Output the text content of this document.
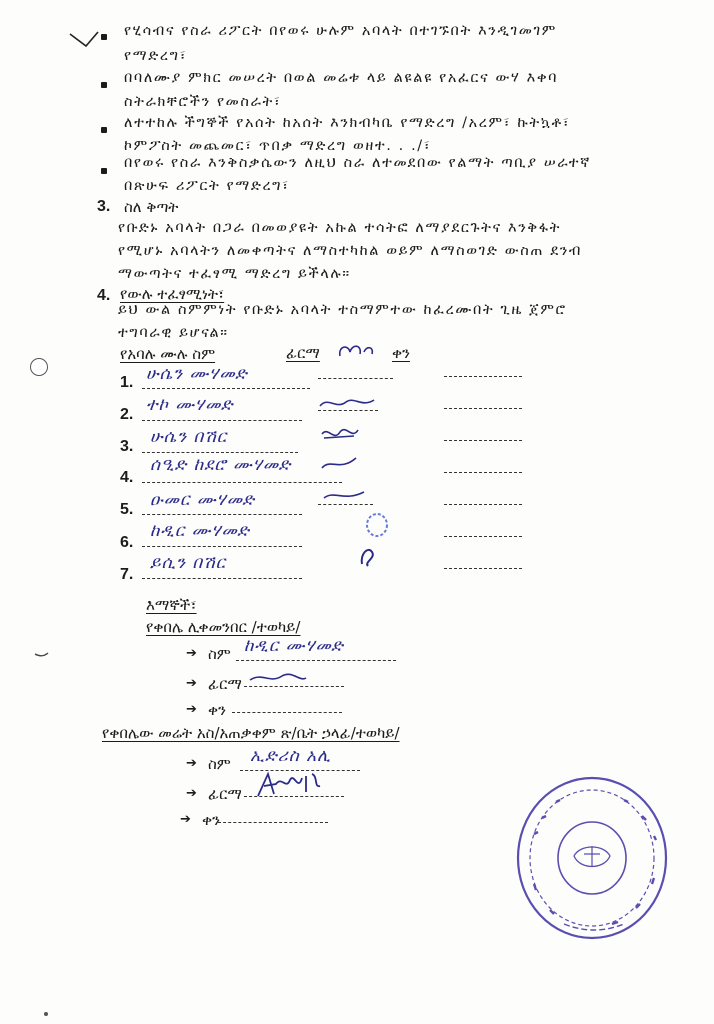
የሂሳብና የስራ ሪፖርት በየወሩ ሁሉም አባላት በተገኙበት እንዲገመገም
የማድረግ፣
በባለሙያ ምክር መሠረት በወል መሬቱ ላይ ልዩልዩ የአፈርና ውሃ እቀባ
ስትራክቸሮችን የመስራት፣
ለተተከሉ ችግኞች የአሰት ከአሰት እንክብካቤ የማድረግ /አረም፣ ኩትኳቶ፣
ኮምፖስት መጨመር፣ ጥበቃ ማድረግ ወዘተ. . ./፣
በየወሩ የስራ እንቅስቃሴውን ለዚህ ስራ ለተመደበው የልማት ጣቢያ ሠራተኛ
በጽሁፍ ሪፖርት የማድረግ፣
3. ስለ ቅጣት
የቡድኑ አባላት በጋራ በመወያዩት አኩል ተሳትፎ ለማያደርጉትና እንቅፋት
የሚሆኑ አባላትን ለመቀጣትና ለማስተካከል ወይም ለማስወገድ ውስጠ ደንብ
ማውጣትና ተፈፃሚ ማድረግ ይችላሉ።
4. የውሉ ተፈፃሚነት፣
ይህ ውል ስምምነት የቡድኑ አባላት ተስማምተው ከፈረሙበት ጊዜ ጀምሮ
ተግባራዊ ይሆናል።
የአባሉ ሙሉ ስም	ፊርማ	ቀን
1. ሁሴን ሙሃመድ
2. ተኮ ሙሃመድ
3. ሁሴን በሽር
4.
ሰዒድ ከደሮ ሙሃመድ
5. ዑመር ሙሃመድ
6.
ከዲር ሙሃመድ
7.
ይሲን በሽር
እማኞች፣
የቀበሌ ሊቀመንበር /ተወካይ/
➔ ስም ከዲር ሙሃመድ
➔ ፊርማ
➔ ቀን
የቀበሌው መሬት አስ/አጠቃቀም ጽ/ቤት ኃላፊ/ተወካይ/
➔ ስም ኢድሪስ አሊ
➔ ፊርማ
➔ ቀን
